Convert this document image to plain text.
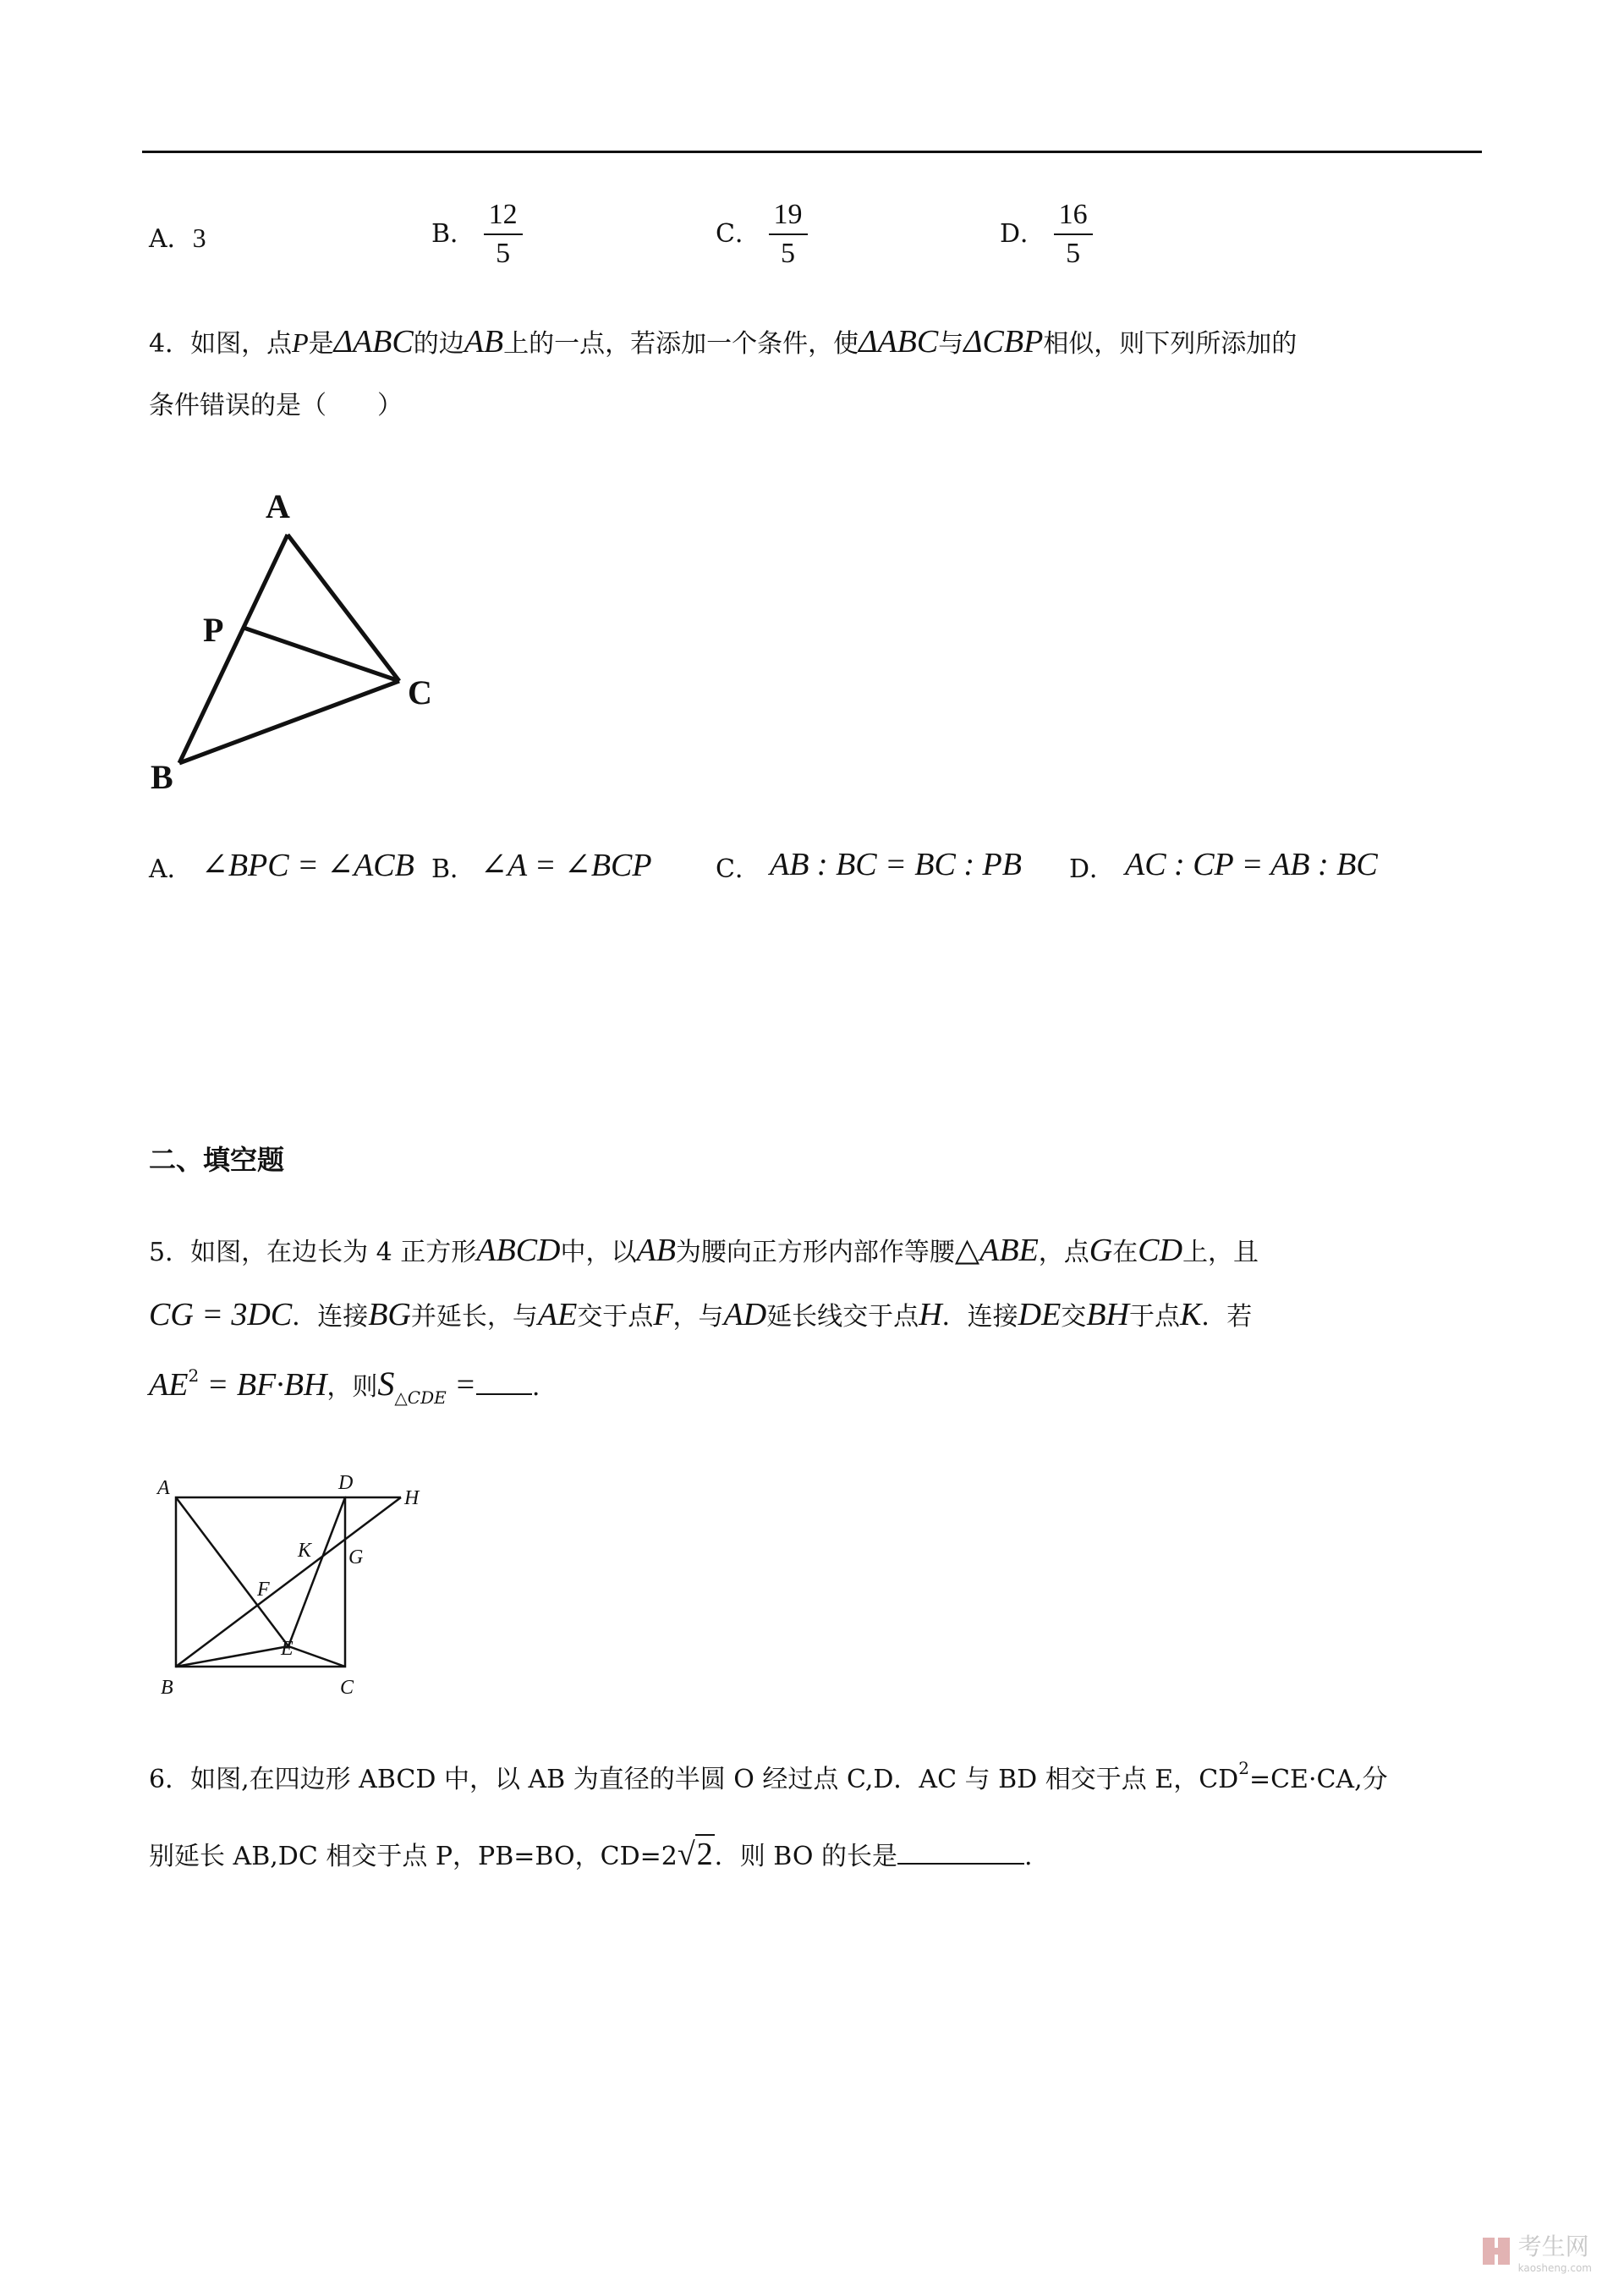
A．3	B． $\frac{12}{5}$	C． $\frac{19}{5}$	D． $\frac{16}{5}$
4．如图，点P是ΔABC的边AB上的一点，若添加一个条件，使ΔABC与ΔCBP相似，则下列所添加的
条件错误的是（　　）
A
P
C
B
A． ∠BPC = ∠ACB B． ∠A = ∠BCP	C． AB : BC = BC : PB D． AC : CP = AB : BC
二、填空题
5．如图，在边长为 4 正方形ABCD中，以AB为腰向正方形内部作等腰△ABE，点G在CD上，且
CG = 3DC．连接BG并延长，与AE交于点F，与AD延长线交于点H．连接DE交BH于点K．若
$AE^2 = BF\cdot BH$，则$S_{\triangle CDE}$ = .
A	D
H
G
K
F
E
B	C
6．如图,在四边形 ABCD 中，以 AB 为直径的半圆 O 经过点 C,D．AC 与 BD 相交于点 E，$CD^2=CE\cdot CA$,分
别延长 AB,DC 相交于点 P，PB=BO，CD=2√2．则 BO 的长是	.
考生网
kaosheng.com
